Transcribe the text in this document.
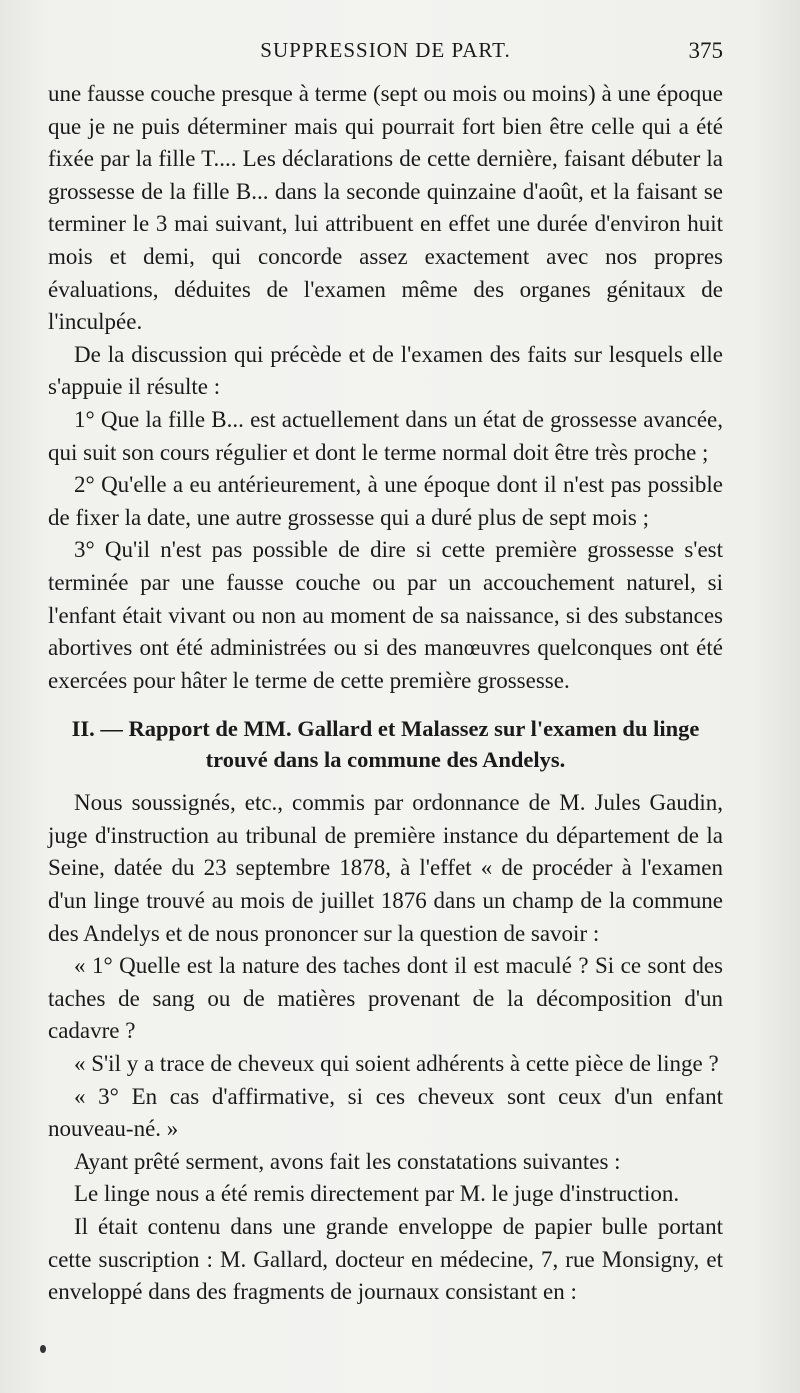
SUPPRESSION DE PART.	375

une fausse couche presque à terme (sept ou mois ou moins) à une époque que je ne puis déterminer mais qui pourrait fort bien être celle qui a été fixée par la fille T.... Les déclarations de cette dernière, faisant débuter la grossesse de la fille B... dans la seconde quinzaine d'août, et la faisant se terminer le 3 mai suivant, lui attribuent en effet une durée d'environ huit mois et demi, qui concorde assez exactement avec nos propres évaluations, déduites de l'examen même des organes génitaux de l'inculpée.

De la discussion qui précède et de l'examen des faits sur lesquels elle s'appuie il résulte :

1° Que la fille B... est actuellement dans un état de grossesse avancée, qui suit son cours régulier et dont le terme normal doit être très proche ;

2° Qu'elle a eu antérieurement, à une époque dont il n'est pas possible de fixer la date, une autre grossesse qui a duré plus de sept mois ;

3° Qu'il n'est pas possible de dire si cette première grossesse s'est terminée par une fausse couche ou par un accouchement naturel, si l'enfant était vivant ou non au moment de sa naissance, si des substances abortives ont été administrées ou si des manœuvres quelconques ont été exercées pour hâter le terme de cette première grossesse.

II. — Rapport de MM. Gallard et Malassez sur l'examen du linge trouvé dans la commune des Andelys.

Nous soussignés, etc., commis par ordonnance de M. Jules Gaudin, juge d'instruction au tribunal de première instance du département de la Seine, datée du 23 septembre 1878, à l'effet « de procéder à l'examen d'un linge trouvé au mois de juillet 1876 dans un champ de la commune des Andelys et de nous prononcer sur la question de savoir :

« 1° Quelle est la nature des taches dont il est maculé ? Si ce sont des taches de sang ou de matières provenant de la décomposition d'un cadavre ?

« S'il y a trace de cheveux qui soient adhérents à cette pièce de linge ?

« 3° En cas d'affirmative, si ces cheveux sont ceux d'un enfant nouveau-né. »

Ayant prêté serment, avons fait les constatations suivantes :

Le linge nous a été remis directement par M. le juge d'instruction.

Il était contenu dans une grande enveloppe de papier bulle portant cette suscription : M. Gallard, docteur en médecine, 7, rue Monsigny, et enveloppé dans des fragments de journaux consistant en :
